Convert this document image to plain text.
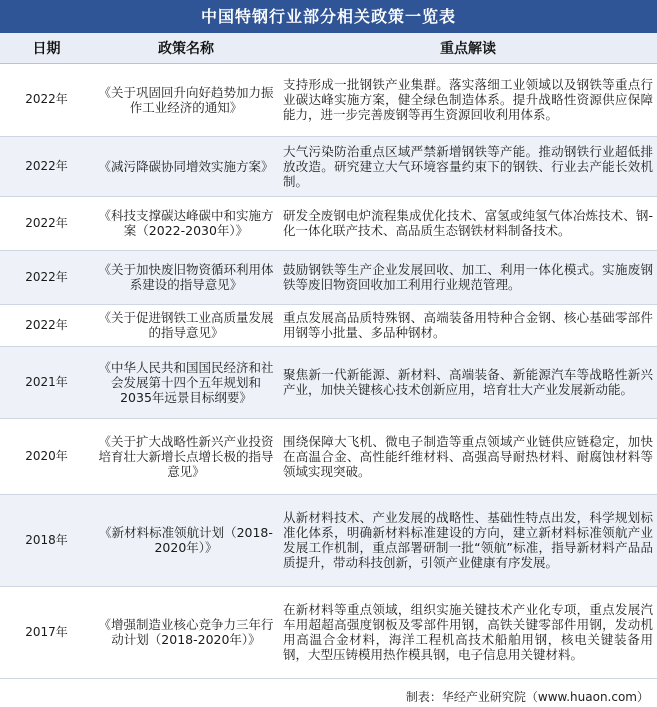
中国特钢行业部分相关政策一览表
日期	政策名称	重点解读
2022年	《关于巩固回升向好趋势加力振作工业经济的通知》	支持形成一批钢铁产业集群。落实落细工业领域以及钢铁等重点行业碳达峰实施方案，健全绿色制造体系。提升战略性资源供应保障能力，进一步完善废钢等再生资源回收利用体系。
2022年	《减污降碳协同增效实施方案》	大气污染防治重点区域严禁新增钢铁等产能。推动钢铁行业超低排放改造。研究建立大气环境容量约束下的钢铁、行业去产能长效机制。
2022年	《科技支撑碳达峰碳中和实施方案（2022-2030年）》	研发全废钢电炉流程集成优化技术、富氢或纯氢气体冶炼技术、钢-化一体化联产技术、高品质生态钢铁材料制备技术。
2022年	《关于加快废旧物资循环利用体系建设的指导意见》	鼓励钢铁等生产企业发展回收、加工、利用一体化模式。实施废钢铁等废旧物资回收加工利用行业规范管理。
2022年	《关于促进钢铁工业高质量发展的指导意见》	重点发展高品质特殊钢、高端装备用特种合金钢、核心基础零部件用钢等小批量、多品种钢材。
2021年	《中华人民共和国国民经济和社会发展第十四个五年规划和2035年远景目标纲要》	聚焦新一代新能源、新材料、高端装备、新能源汽车等战略性新兴产业，加快关键核心技术创新应用，培育壮大产业发展新动能。
2020年	《关于扩大战略性新兴产业投资培育壮大新增长点增长极的指导意见》	围绕保障大飞机、微电子制造等重点领域产业链供应链稳定，加快在高温合金、高性能纤维材料、高强高导耐热材料、耐腐蚀材料等领域实现突破。
2018年	《新材料标准领航计划（2018-2020年）》	从新材料技术、产业发展的战略性、基础性特点出发，科学规划标准化体系，明确新材料标准建设的方向，建立新材料标准领航产业发展工作机制，重点部署研制一批“领航”标准，指导新材料产品品质提升，带动科技创新，引领产业健康有序发展。
2017年	《增强制造业核心竞争力三年行动计划（2018-2020年）》	在新材料等重点领域，组织实施关键技术产业化专项，重点发展汽车用超超高强度钢板及零部件用钢，高铁关键零部件用钢，发动机用高温合金材料，海洋工程机高技术船舶用钢，核电关键装备用钢，大型压铸模用热作模具钢，电子信息用关键材料。
制表：华经产业研究院（www.huaon.com）
